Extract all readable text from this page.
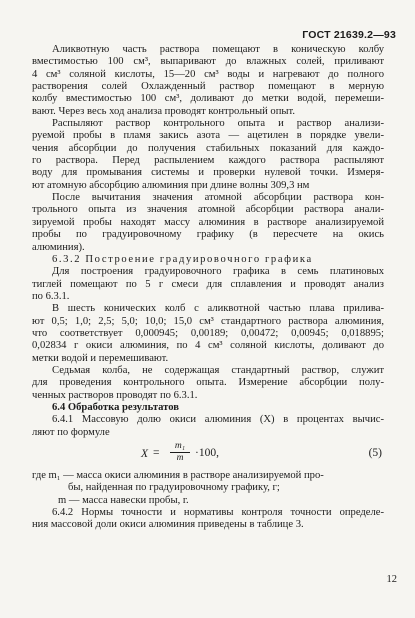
ГОСТ 21639.2—93
Аликвотную часть раствора помещают в коническую колбу
вместимостью 100 см³, выпаривают до влажных солей, приливают
4 см³ соляной кислоты, 15—20 см³ воды и нагревают до полного
растворения солей Охлажденный раствор помещают в мерную
колбу вместимостью 100 см³, доливают до метки водой, перемеши-
вают. Через весь ход анализа проводят контрольный опыт.
Распыляют раствор контрольного опыта и раствор анализи-
руемой пробы в пламя закись азота — ацетилен в порядке увели-
чения абсорбции до получения стабильных показаний для каждо-
го раствора. Перед распылением каждого раствора распыляют
воду для промывания системы и проверки нулевой точки. Измеря-
ют атомную абсорбцию алюминия при длине волны 309,3 нм
После вычитания значения атомной абсорбции раствора кон-
трольного опыта из значения атомной абсорбции раствора анали-
зируемой пробы находят массу алюминия в растворе анализируемой
пробы по градуировочному графику (в пересчете на окись
алюминия).
6.3.2 Построение градуировочного графика
Для построения градуировочного графика в семь платиновых
тиглей помещают по 5 г смеси для сплавления и проводят анализ
по 6.3.1.
В шесть конических колб с аликвотной частью плава прилива-
ют 0,5; 1,0; 2,5; 5,0; 10,0; 15,0 см³ стандартного раствора алюминия,
что соответствует 0,000945; 0,00189; 0,00472; 0,00945; 0,018895;
0,02834 г окиси алюминия, по 4 см³ соляной кислоты, доливают до
метки водой и перемешивают.
Седьмая колба, не содержащая стандартный раствор, служит
для проведения контрольного опыта. Измерение абсорбции полу-
ченных растворов проводят по 6.3.1.
6.4 Обработка результатов
6.4.1 Массовую долю окиси алюминия (X) в процентах вычис-
ляют по формуле
X =
m₁
m	·100,	(5)
где m₁ — масса окиси алюминия в растворе анализируемой про-
бы, найденная по градуировочному графику, г;
m — масса навески пробы, г.
6.4.2 Нормы точности и нормативы контроля точности определе-
ния массовой доли окиси алюминия приведены в таблице 3.
12
